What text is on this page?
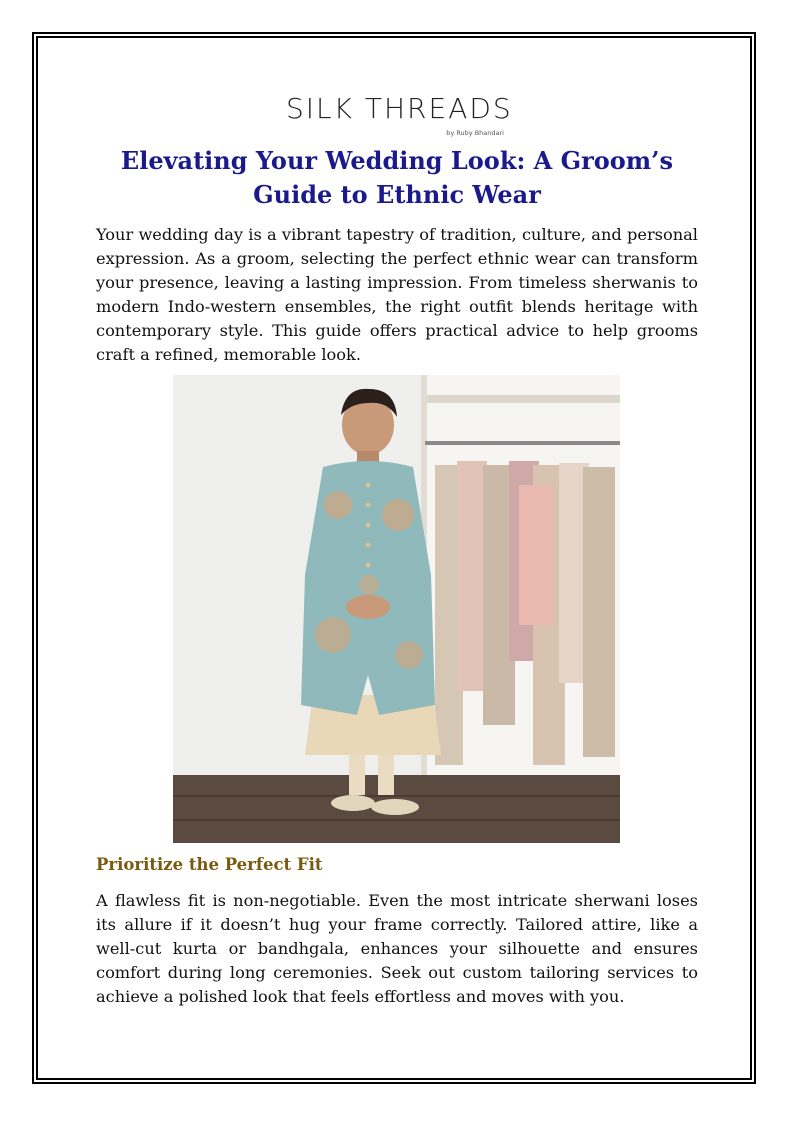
SILK THREADS
by Ruby Bhandari
Elevating Your Wedding Look: A Groom’s Guide to Ethnic Wear

Your wedding day is a vibrant tapestry of tradition, culture, and personal expression. As a groom, selecting the perfect ethnic wear can transform your presence, leaving a lasting impression. From timeless sherwanis to modern Indo-western ensembles, the right outfit blends heritage with contemporary style. This guide offers practical advice to help grooms craft a refined, memorable look.

Prioritize the Perfect Fit

A flawless fit is non-negotiable. Even the most intricate sherwani loses its allure if it doesn’t hug your frame correctly. Tailored attire, like a well-cut kurta or bandhgala, enhances your silhouette and ensures comfort during long ceremonies. Seek out custom tailoring services to achieve a polished look that feels effortless and moves with you.
